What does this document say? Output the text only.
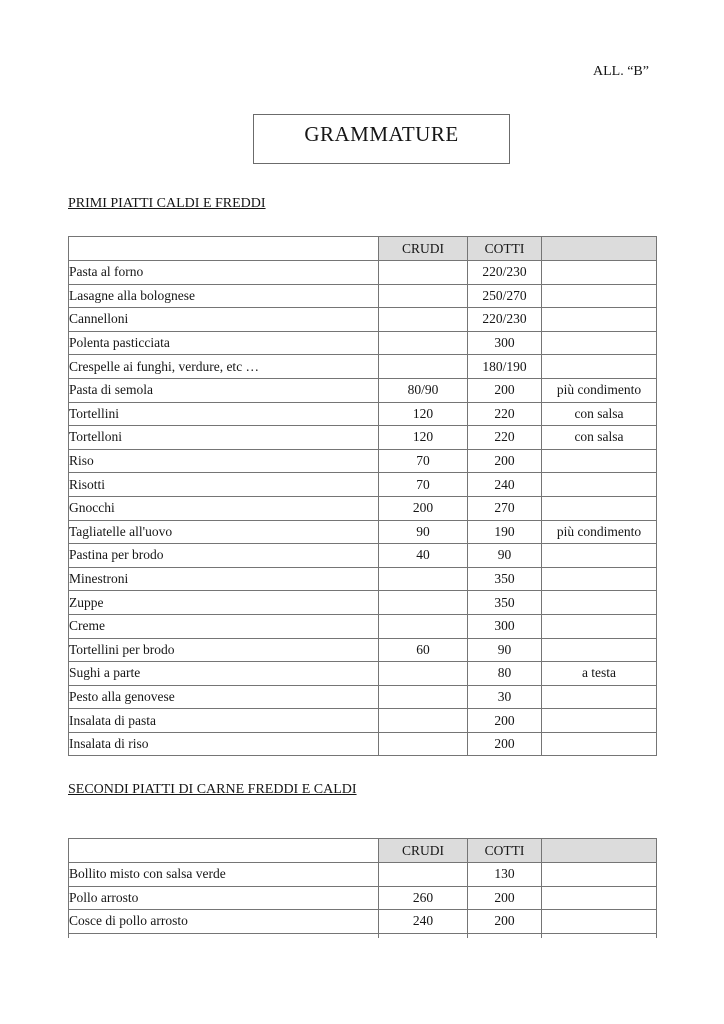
ALL. “B”
GRAMMATURE
PRIMI PIATTI CALDI E FREDDI
	CRUDI	COTTI	
Pasta al forno		220/230	
Lasagne alla bolognese		250/270	
Cannelloni		220/230	
Polenta pasticciata		300	
Crespelle ai funghi, verdure, etc …		180/190	
Pasta di semola	80/90	200	più condimento
Tortellini	120	220	con salsa
Tortelloni	120	220	con salsa
Riso	70	200	
Risotti	70	240	
Gnocchi	200	270	
Tagliatelle all'uovo	90	190	più condimento
Pastina per brodo	40	90	
Minestroni		350	
Zuppe		350	
Creme		300	
Tortellini per brodo	60	90	
Sughi a parte		80	a testa
Pesto alla genovese		30	
Insalata di pasta		200	
Insalata di riso		200	
SECONDI PIATTI DI CARNE FREDDI E CALDI
	CRUDI	COTTI	
Bollito misto con salsa verde		130	
Pollo arrosto	260	200	
Cosce di pollo arrosto	240	200	
